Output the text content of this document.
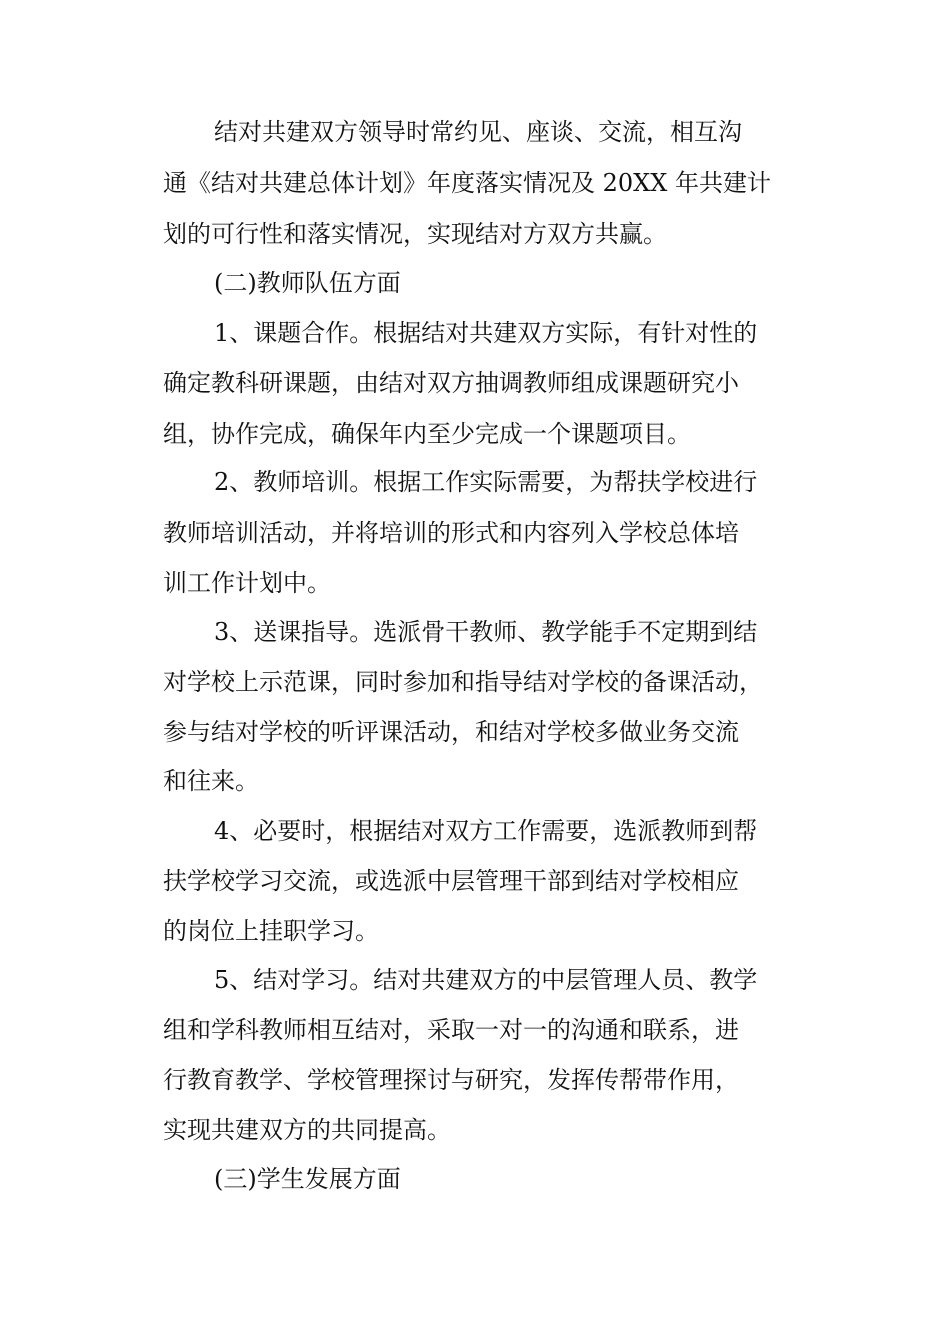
结对共建双方领导时常约见、座谈、交流，相互沟
通《结对共建总体计划》年度落实情况及 20XX 年共建计
划的可行性和落实情况，实现结对方双方共赢。
(二)教师队伍方面
1、课题合作。根据结对共建双方实际，有针对性的
确定教科研课题，由结对双方抽调教师组成课题研究小
组，协作完成，确保年内至少完成一个课题项目。
2、教师培训。根据工作实际需要，为帮扶学校进行
教师培训活动，并将培训的形式和内容列入学校总体培
训工作计划中。
3、送课指导。选派骨干教师、教学能手不定期到结
对学校上示范课，同时参加和指导结对学校的备课活动，
参与结对学校的听评课活动，和结对学校多做业务交流
和往来。
4、必要时，根据结对双方工作需要，选派教师到帮
扶学校学习交流，或选派中层管理干部到结对学校相应
的岗位上挂职学习。
5、结对学习。结对共建双方的中层管理人员、教学
组和学科教师相互结对，采取一对一的沟通和联系，进
行教育教学、学校管理探讨与研究，发挥传帮带作用，
实现共建双方的共同提高。
(三)学生发展方面
